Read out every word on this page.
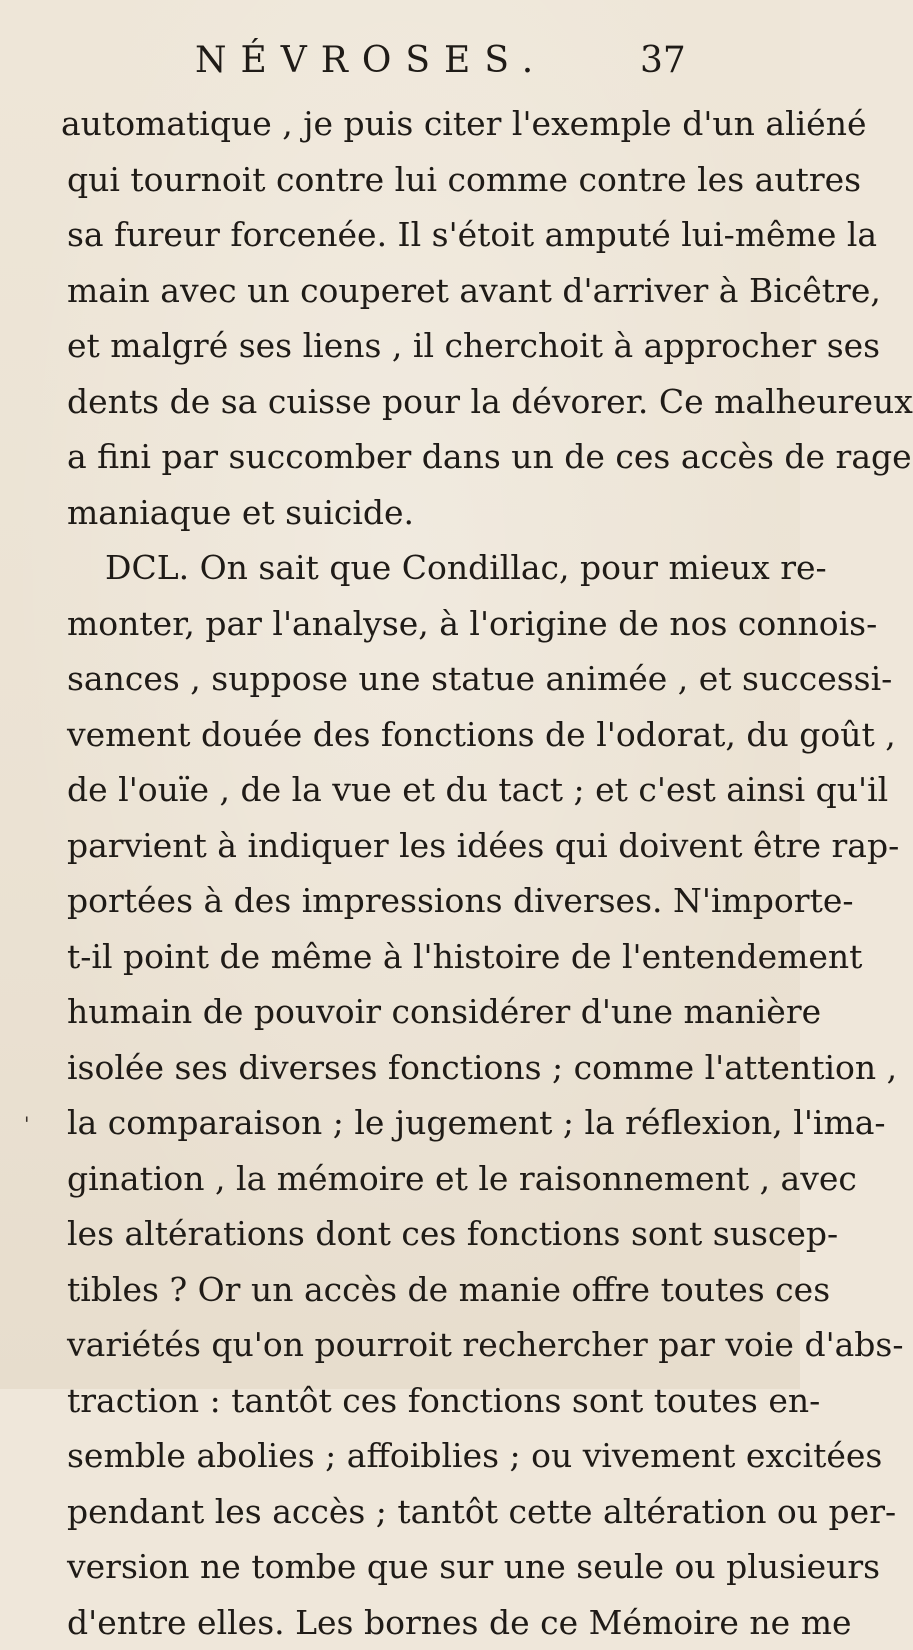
NÉVROSES.	37
automatique , je puis citer l'exemple d'un aliéné
qui tournoit contre lui comme contre les autres
sa fureur forcenée. Il s'étoit amputé lui-même la
main avec un couperet avant d'arriver à Bicêtre,
et malgré ses liens , il cherchoit à approcher ses
dents de sa cuisse pour la dévorer. Ce malheureux
a fini par succomber dans un de ces accès de rage
maniaque et suicide.
DCL. On sait que Condillac, pour mieux re-
monter, par l'analyse, à l'origine de nos connois-
sances , suppose une statue animée , et successi-
vement douée des fonctions de l'odorat, du goût ,
de l'ouïe , de la vue et du tact ; et c'est ainsi qu'il
parvient à indiquer les idées qui doivent être rap-
portées à des impressions diverses. N'importe-
t-il point de même à l'histoire de l'entendement
humain de pouvoir considérer d'une manière
isolée ses diverses fonctions ; comme l'attention ,
la comparaison ; le jugement ; la réflexion, l'ima-
gination , la mémoire et le raisonnement , avec
les altérations dont ces fonctions sont suscep-
tibles ? Or un accès de manie offre toutes ces
variétés qu'on pourroit rechercher par voie d'abs-
traction : tantôt ces fonctions sont toutes en-
semble abolies ; affoiblies ; ou vivement excitées
pendant les accès ; tantôt cette altération ou per-
version ne tombe que sur une seule ou plusieurs
d'entre elles. Les bornes de ce Mémoire ne me
'
